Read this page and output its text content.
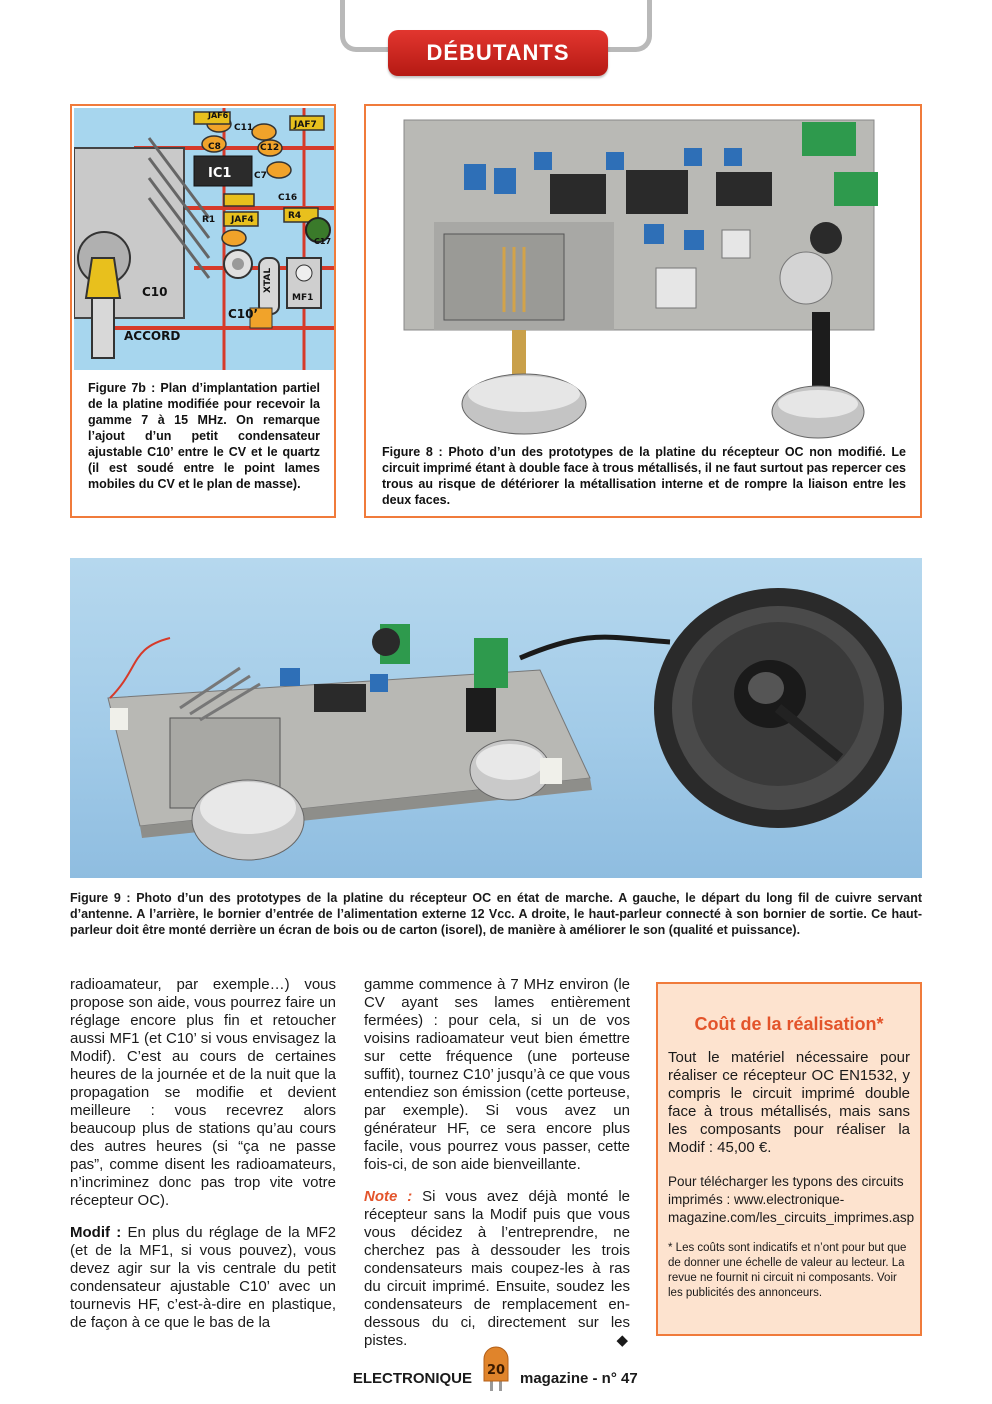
DÉBUTANTS
JAF6
C11	JAF7
C8	C12
IC1	C7
C16
R1 JAF4	R4
C17
XTAL
MF1
C10
C10’
ACCORD
Figure 7b : Plan d’implantation partiel de la platine modifiée pour recevoir la gamme 7 à 15 MHz. On remarque l’ajout d’un petit condensateur ajustable C10’ entre le CV et le quartz (il est soudé entre le point lames mobiles du CV et le plan de masse).
Figure 8 : Photo d’un des prototypes de la platine du récepteur OC non modifié. Le circuit imprimé étant à double face à trous métallisés, il ne faut surtout pas repercer ces trous au risque de détériorer la métallisation interne et de rompre la liaison entre les deux faces.
Figure 9 : Photo d’un des prototypes de la platine du récepteur OC en état de marche. A gauche, le départ du long fil de cuivre servant d’antenne. A l’arrière, le bornier d’entrée de l’alimentation externe 12 Vcc. A droite, le haut-parleur connecté à son bornier de sortie. Ce haut-parleur doit être monté derrière un écran de bois ou de carton (isorel), de manière à améliorer le son (qualité et puissance).

radioamateur, par exemple…) vous propose son aide, vous pourrez faire un réglage encore plus fin et retoucher aussi MF1 (et C10’ si vous envisagez la Modif). C’est au cours de certaines heures de la journée et de la nuit que la propagation se modifie et devient meilleure : vous recevrez alors beaucoup plus de stations qu’au cours des autres heures (si “ça ne passe pas”, comme disent les radioamateurs, n’incriminez donc pas trop vite votre récepteur OC).

Modif : En plus du réglage de la MF2 (et de la MF1, si vous pouvez), vous devez agir sur la vis centrale du petit condensateur ajustable C10’ avec un tournevis HF, c’est-à-dire en plastique, de façon à ce que le bas de la

gamme commence à 7 MHz environ (le CV ayant ses lames entièrement fermées) : pour cela, si un de vos voisins radioamateur veut bien émettre sur cette fréquence (une porteuse suffit), tournez C10’ jusqu’à ce que vous entendiez son émission (cette porteuse, par exemple). Si vous avez un générateur HF, ce sera encore plus facile, vous pourrez vous passer, cette fois-ci, de son aide bienveillante.

Note : Si vous avez déjà monté le récepteur sans la Modif puis que vous vous décidez à l’entreprendre, ne cherchez pas à dessouder les trois condensateurs mais coupez-les à ras du circuit imprimé. Ensuite, soudez les condensateurs de remplacement en-dessous du ci, directement sur les pistes.	◆

Coût de la réalisation*
Tout le matériel nécessaire pour réaliser ce récepteur OC EN1532, y compris le circuit imprimé double face à trous métallisés, mais sans les composants pour réaliser la Modif : 45,00 €.
Pour télécharger les typons des circuits imprimés : www.electronique-magazine.com/les_circuits_imprimes.asp
* Les coûts sont indicatifs et n’ont pour but que de donner une échelle de valeur au lecteur. La revue ne fournit ni circuit ni composants. Voir les publicités des annonceurs.
ELECTRONIQUE 20 magazine - n° 47
